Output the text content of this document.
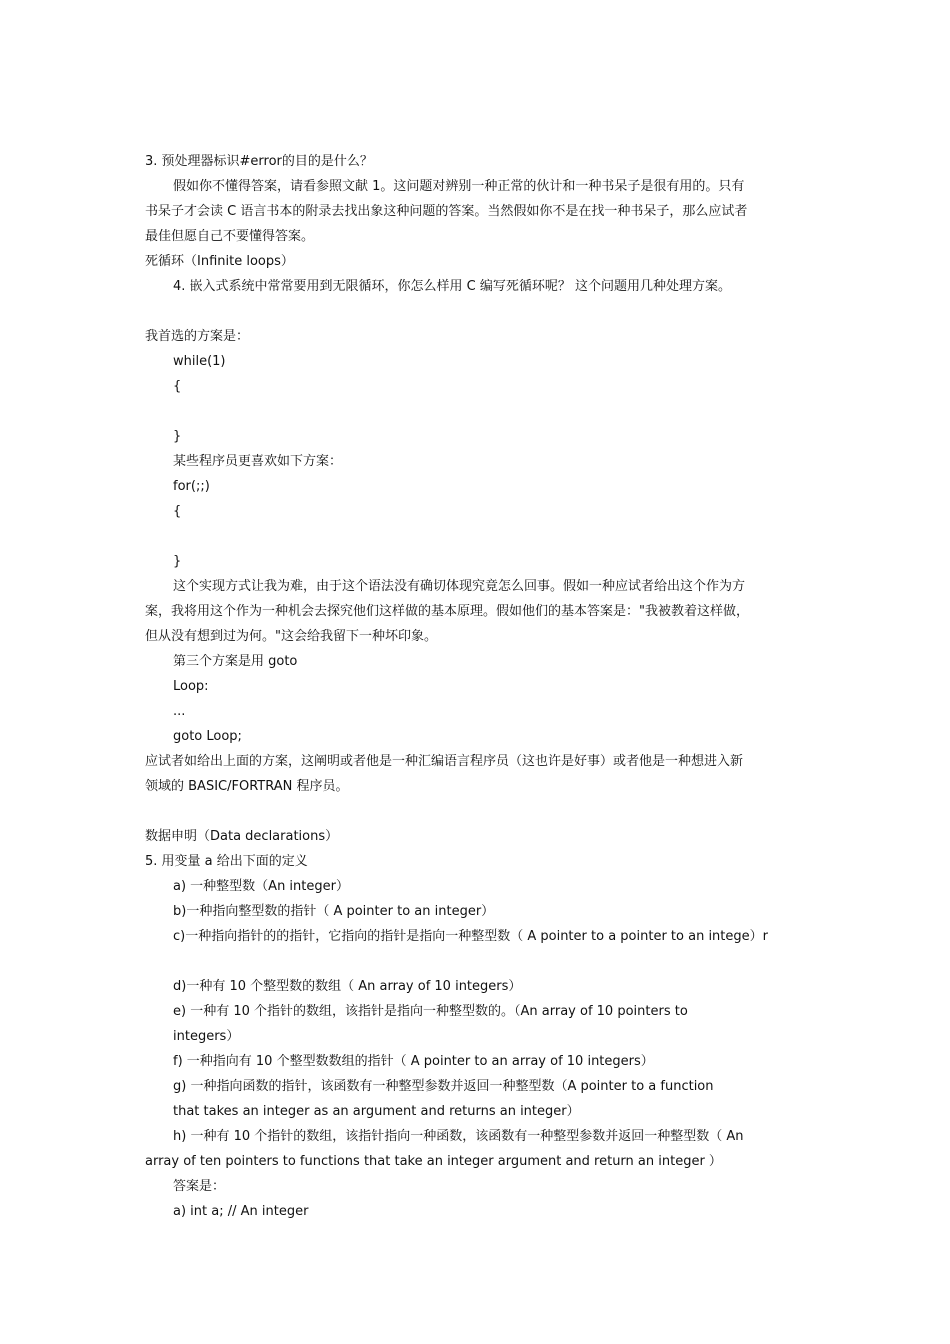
3. 预处理器标识#error的目的是什么？
假如你不懂得答案，请看参照文献 1。这问题对辨别一种正常的伙计和一种书呆子是很有用的。只有
书呆子才会读 C 语言书本的附录去找出象这种问题的答案。当然假如你不是在找一种书呆子，那么应试者
最佳但愿自己不要懂得答案。
死循环（Infinite loops）
4. 嵌入式系统中常常要用到无限循环，你怎么样用 C 编写死循环呢？ 这个问题用几种处理方案。
我首选的方案是：
while(1)
{
}
某些程序员更喜欢如下方案：
for(;;)
{
}
这个实现方式让我为难，由于这个语法没有确切体现究竟怎么回事。假如一种应试者给出这个作为方
案，我将用这个作为一种机会去探究他们这样做的基本原理。假如他们的基本答案是："我被教着这样做，
但从没有想到过为何。"这会给我留下一种坏印象。
第三个方案是用 goto
Loop:
...
goto Loop;
应试者如给出上面的方案，这阐明或者他是一种汇编语言程序员（这也许是好事）或者他是一种想进入新
领域的 BASIC/FORTRAN 程序员。
数据申明（Data declarations）
5. 用变量 a 给出下面的定义
a) 一种整型数（An integer）
b)一种指向整型数的指针（ A pointer to an integer）
c)一种指向指针的的指针，它指向的指针是指向一种整型数（ A pointer to a pointer to an intege）r
d)一种有 10 个整型数的数组（ An array of 10 integers）
e) 一种有 10 个指针的数组，该指针是指向一种整型数的。（An array of 10 pointers to
integers）
f) 一种指向有 10 个整型数数组的指针（ A pointer to an array of 10 integers）
g) 一种指向函数的指针，该函数有一种整型参数并返回一种整型数（A pointer to a function
that takes an integer as an argument and returns an integer）
h) 一种有 10 个指针的数组，该指针指向一种函数，该函数有一种整型参数并返回一种整型数（ An
array of ten pointers to functions that take an integer argument and return an integer ）
答案是：
a) int a; // An integer
